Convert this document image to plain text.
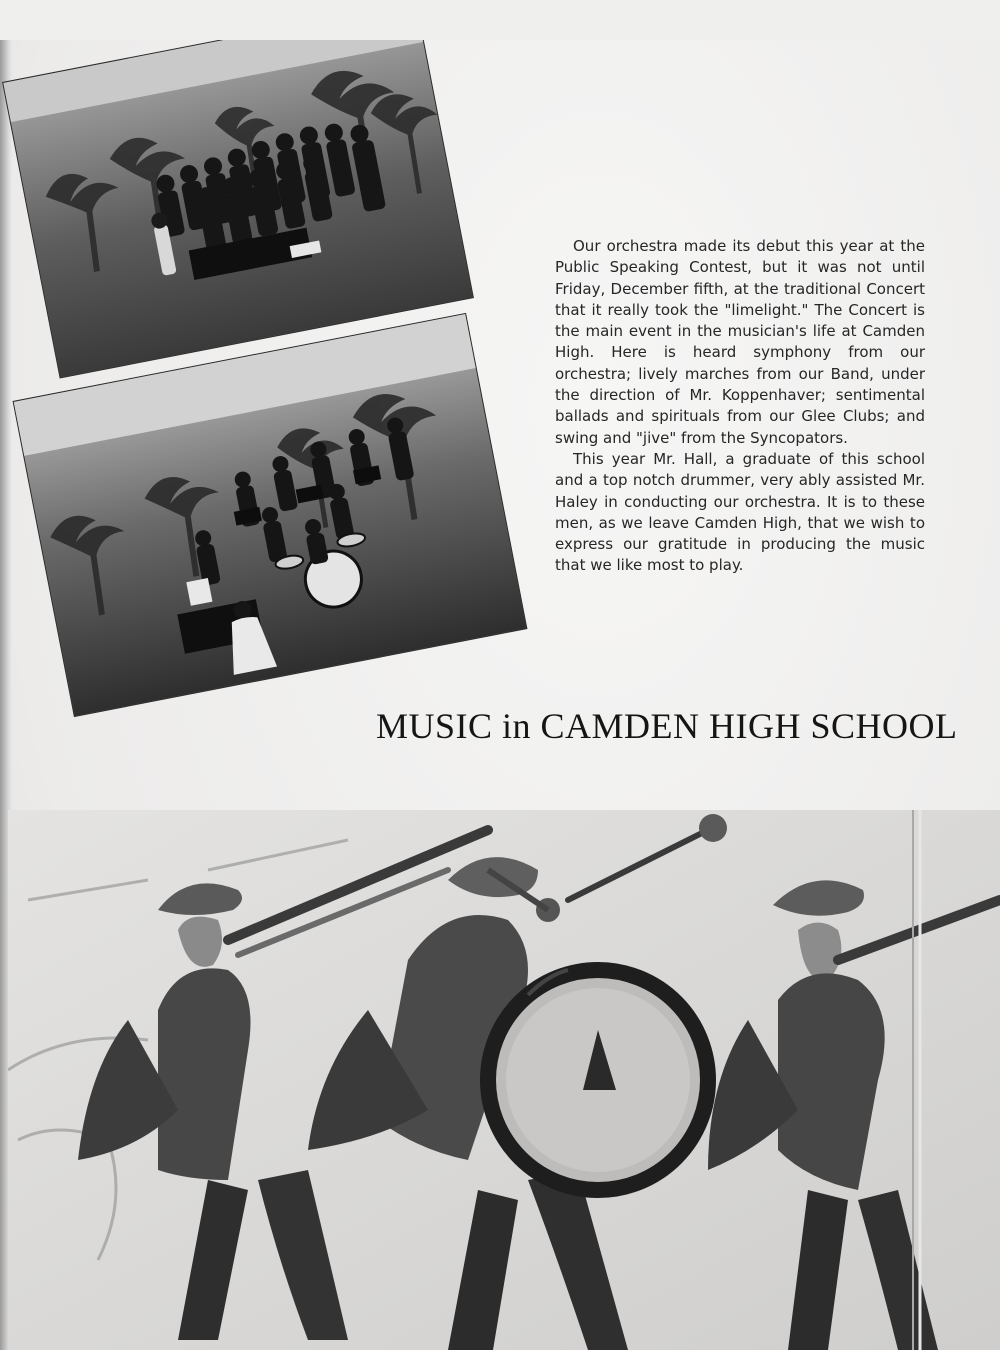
Our orchestra made its debut this year at the Public Speaking Contest, but it was not until Friday, December fifth, at the traditional Concert that it really took the "limelight." The Concert is the main event in the musician's life at Camden High. Here is heard symphony from our orchestra; lively marches from our Band, under the direction of Mr. Koppenhaver; sentimental ballads and spirituals from our Glee Clubs; and swing and "jive" from the Syncopators.

This year Mr. Hall, a graduate of this school and a top notch drummer, very ably assisted Mr. Haley in conducting our orchestra. It is to these men, as we leave Camden High, that we wish to express our gratitude in producing the music that we like most to play.

MUSIC in CAMDEN HIGH SCHOOL
